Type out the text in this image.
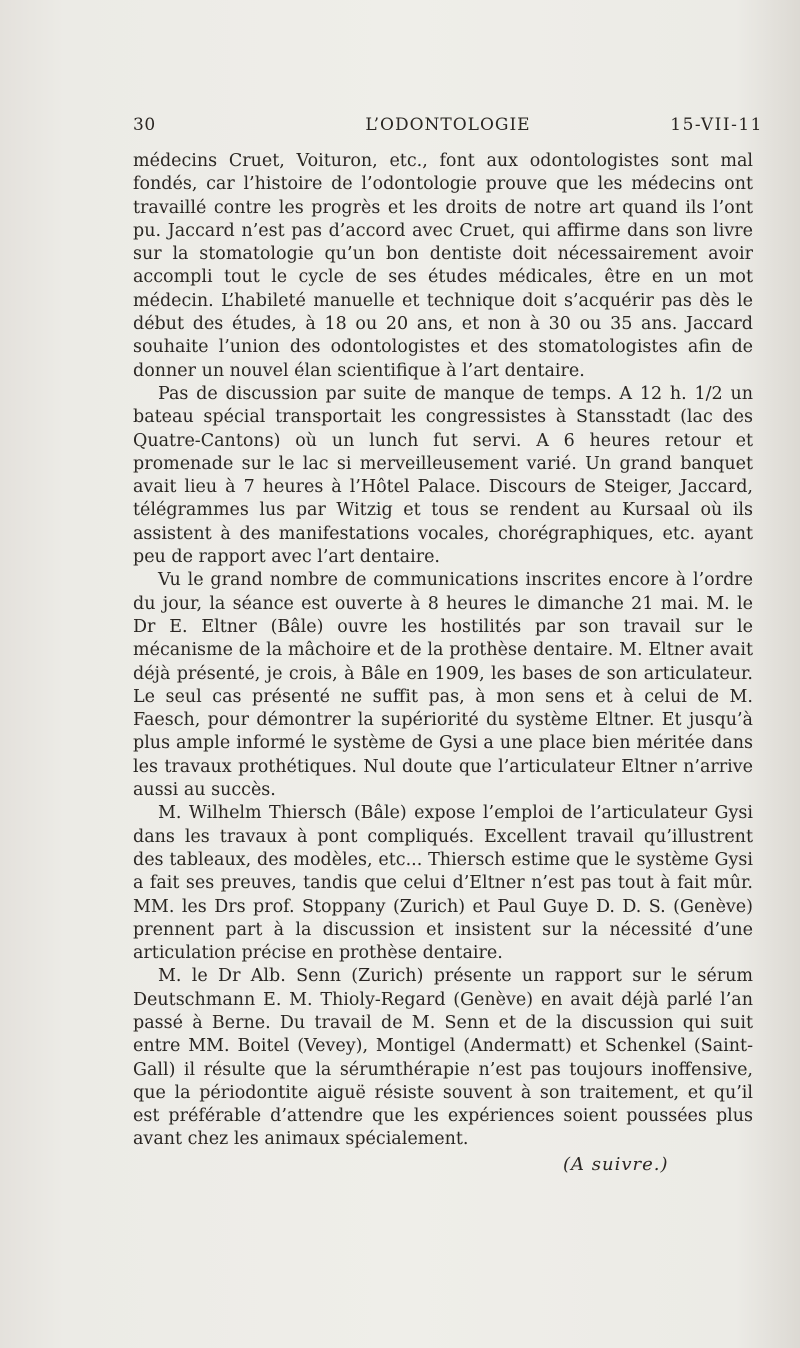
30	L’ODONTOLOGIE	15-VII-11

médecins Cruet, Voituron, etc., font aux odontologistes sont mal fondés, car l’histoire de l’odontologie prouve que les médecins ont travaillé contre les progrès et les droits de notre art quand ils l’ont pu. Jaccard n’est pas d’accord avec Cruet, qui affirme dans son livre sur la stomatologie qu’un bon dentiste doit nécessairement avoir accompli tout le cycle de ses études médicales, être en un mot médecin. L’habileté manuelle et technique doit s’acquérir pas dès le début des études, à 18 ou 20 ans, et non à 30 ou 35 ans. Jaccard souhaite l’union des odontologistes et des stomatologistes afin de donner un nouvel élan scientifique à l’art dentaire.

Pas de discussion par suite de manque de temps. A 12 h. 1/2 un bateau spécial transportait les congressistes à Stansstadt (lac des Quatre-Cantons) où un lunch fut servi. A 6 heures retour et promenade sur le lac si merveilleusement varié. Un grand banquet avait lieu à 7 heures à l’Hôtel Palace. Discours de Steiger, Jaccard, télégrammes lus par Witzig et tous se rendent au Kursaal où ils assistent à des manifestations vocales, chorégraphiques, etc. ayant peu de rapport avec l’art dentaire.

Vu le grand nombre de communications inscrites encore à l’ordre du jour, la séance est ouverte à 8 heures le dimanche 21 mai. M. le Dr E. Eltner (Bâle) ouvre les hostilités par son travail sur le mécanisme de la mâchoire et de la prothèse dentaire. M. Eltner avait déjà présenté, je crois, à Bâle en 1909, les bases de son articulateur. Le seul cas présenté ne suffit pas, à mon sens et à celui de M. Faesch, pour démontrer la supériorité du système Eltner. Et jusqu’à plus ample informé le système de Gysi a une place bien méritée dans les travaux prothétiques. Nul doute que l’articulateur Eltner n’arrive aussi au succès.

M. Wilhelm Thiersch (Bâle) expose l’emploi de l’articulateur Gysi dans les travaux à pont compliqués. Excellent travail qu’illustrent des tableaux, des modèles, etc... Thiersch estime que le système Gysi a fait ses preuves, tandis que celui d’Eltner n’est pas tout à fait mûr. MM. les Drs prof. Stoppany (Zurich) et Paul Guye D. D. S. (Genève) prennent part à la discussion et insistent sur la nécessité d’une articulation précise en prothèse dentaire.

M. le Dr Alb. Senn (Zurich) présente un rapport sur le sérum Deutschmann E. M. Thioly-Regard (Genève) en avait déjà parlé l’an passé à Berne. Du travail de M. Senn et de la discussion qui suit entre MM. Boitel (Vevey), Montigel (Andermatt) et Schenkel (Saint-Gall) il résulte que la sérumthérapie n’est pas toujours inoffensive, que la périodontite aiguë résiste souvent à son traitement, et qu’il est préférable d’attendre que les expériences soient poussées plus avant chez les animaux spécialement.

(A suivre.)
